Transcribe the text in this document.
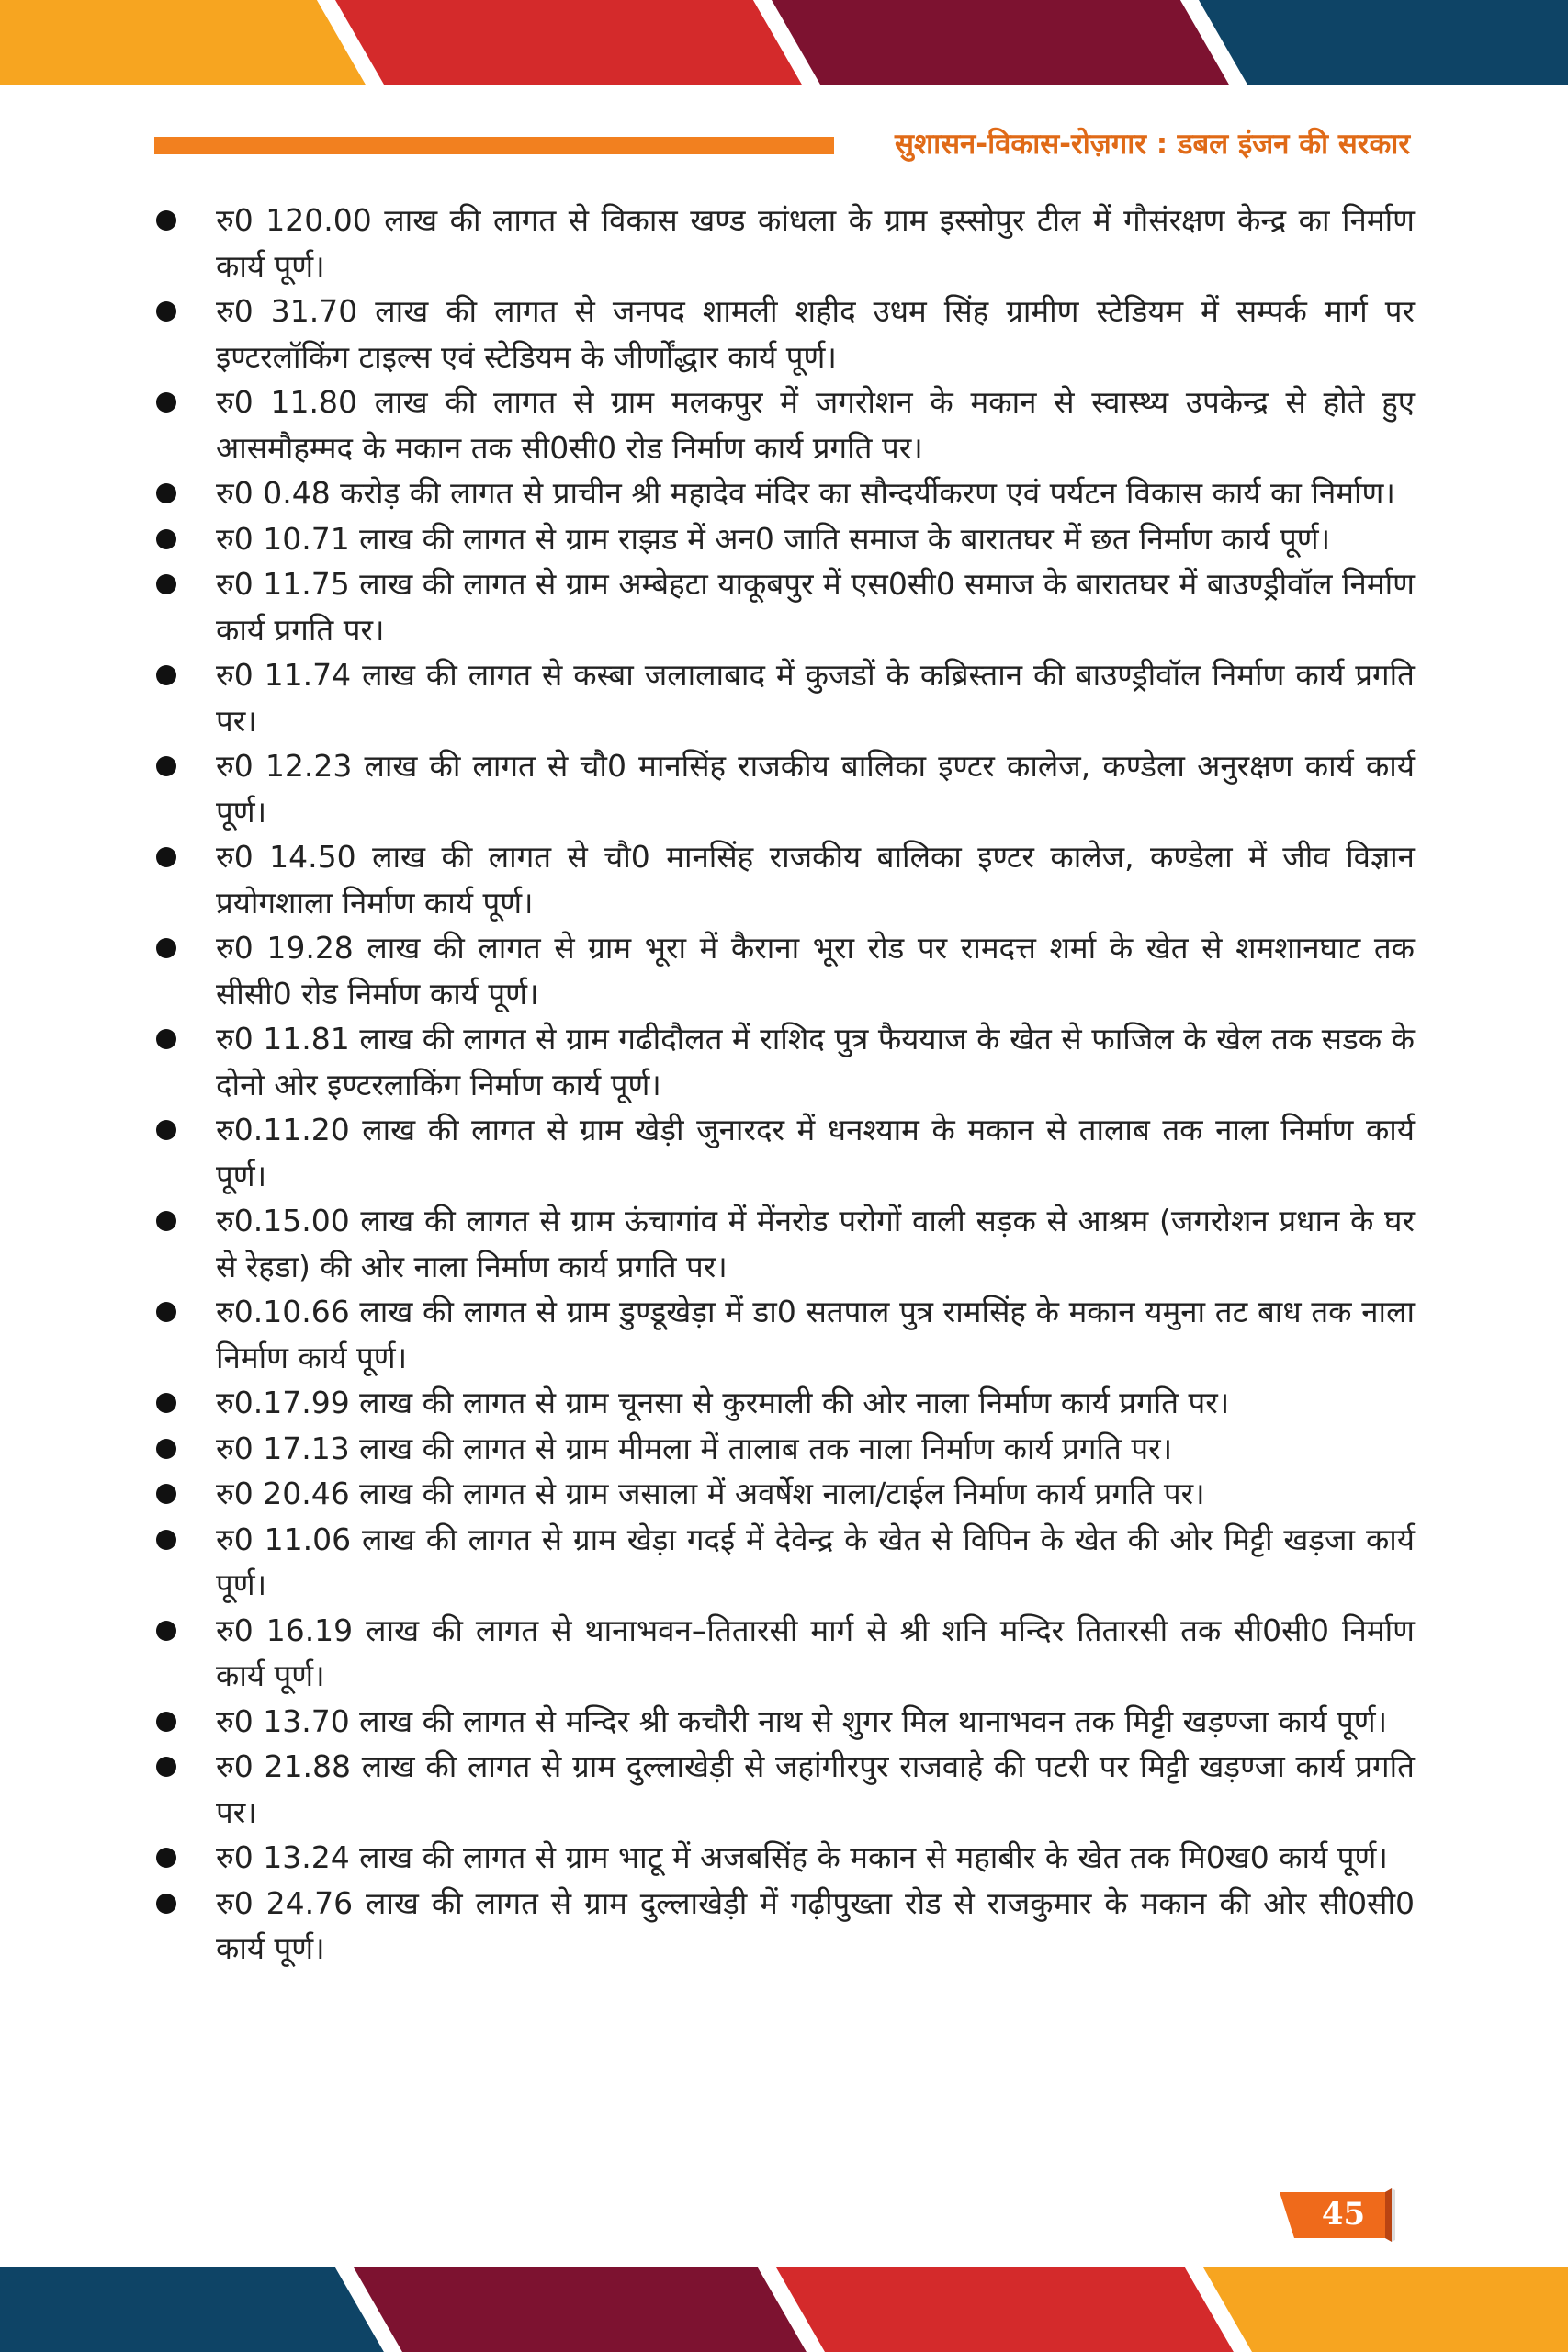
सुशासन-विकास-रोज़गार : डबल इंजन की सरकार
रु0 120.00 लाख की लागत से विकास खण्ड कांधला के ग्राम इस्सोपुर टील में गौसंरक्षण केन्द्र का निर्माण कार्य पूर्ण।
रु0 31.70 लाख की लागत से जनपद शामली शहीद उधम सिंह ग्रामीण स्टेडियम में सम्पर्क मार्ग पर इण्टरलॉकिंग टाइल्स एवं स्टेडियम के जीर्णोंद्धार कार्य पूर्ण।
रु0 11.80 लाख की लागत से ग्राम मलकपुर में जगरोशन के मकान से स्वास्थ्य उपकेन्द्र से होते हुए आसमौहम्मद के मकान तक सी0सी0 रोड निर्माण कार्य प्रगति पर।
रु0 0.48 करोड़ की लागत से प्राचीन श्री महादेव मंदिर का सौन्दर्यीकरण एवं पर्यटन विकास कार्य का निर्माण।
रु0 10.71 लाख की लागत से ग्राम राझड में अन0 जाति समाज के बारातघर में छत निर्माण कार्य पूर्ण।
रु0 11.75 लाख की लागत से ग्राम अम्बेहटा याकूबपुर में एस0सी0 समाज के बारातघर में बाउण्ड्रीवॉल निर्माण कार्य प्रगति पर।
रु0 11.74 लाख की लागत से कस्बा जलालाबाद में कुजडों के कब्रिस्तान की बाउण्ड्रीवॉल निर्माण कार्य प्रगति पर।
रु0 12.23 लाख की लागत से चौ0 मानसिंह राजकीय बालिका इण्टर कालेज, कण्डेला अनुरक्षण कार्य कार्य पूर्ण।
रु0 14.50 लाख की लागत से चौ0 मानसिंह राजकीय बालिका इण्टर कालेज, कण्डेला में जीव विज्ञान प्रयोगशाला निर्माण कार्य पूर्ण।
रु0 19.28 लाख की लागत से ग्राम भूरा में कैराना भूरा रोड पर रामदत्त शर्मा के खेत से शमशानघाट तक सीसी0 रोड निर्माण कार्य पूर्ण।
रु0 11.81 लाख की लागत से ग्राम गढीदौलत में राशिद पुत्र फैययाज के खेत से फाजिल के खेल तक सडक के दोनो ओर इण्टरलाकिंग निर्माण कार्य पूर्ण।
रु0.11.20 लाख की लागत से ग्राम खेड़ी जुनारदर में धनश्याम के मकान से तालाब तक नाला निर्माण कार्य पूर्ण।
रु0.15.00 लाख की लागत से ग्राम ऊंचागांव में मेंनरोड परोगों वाली सड़क से आश्रम (जगरोशन प्रधान के घर से रेहडा) की ओर नाला निर्माण कार्य प्रगति पर।
रु0.10.66 लाख की लागत से ग्राम डुण्डूखेड़ा में डा0 सतपाल पुत्र रामसिंह के मकान यमुना तट बाध तक नाला निर्माण कार्य पूर्ण।
रु0.17.99 लाख की लागत से ग्राम चूनसा से कुरमाली की ओर नाला निर्माण कार्य प्रगति पर।
रु0 17.13 लाख की लागत से ग्राम मीमला में तालाब तक नाला निर्माण कार्य प्रगति पर।
रु0 20.46 लाख की लागत से ग्राम जसाला में अवर्षेश नाला/टाईल निर्माण कार्य प्रगति पर।
रु0 11.06 लाख की लागत से ग्राम खेड़ा गदई में देवेन्द्र के खेत से विपिन के खेत की ओर मिट्टी खड़जा कार्य पूर्ण।
रु0 16.19 लाख की लागत से थानाभवन–तितारसी मार्ग से श्री शनि मन्दिर तितारसी तक सी0सी0 निर्माण कार्य पूर्ण।
रु0 13.70 लाख की लागत से मन्दिर श्री कचौरी नाथ से शुगर मिल थानाभवन तक मिट्टी खड़ण्जा कार्य पूर्ण।
रु0 21.88 लाख की लागत से ग्राम दुल्लाखेड़ी से जहांगीरपुर राजवाहे की पटरी पर मिट्टी खड़ण्जा कार्य प्रगति पर।
रु0 13.24 लाख की लागत से ग्राम भाटू में अजबसिंह के मकान से महाबीर के खेत तक मि0ख0 कार्य पूर्ण।
रु0 24.76 लाख की लागत से ग्राम दुल्लाखेड़ी में गढ़ीपुख्ता रोड से राजकुमार के मकान की ओर सी0सी0 कार्य पूर्ण।
45
